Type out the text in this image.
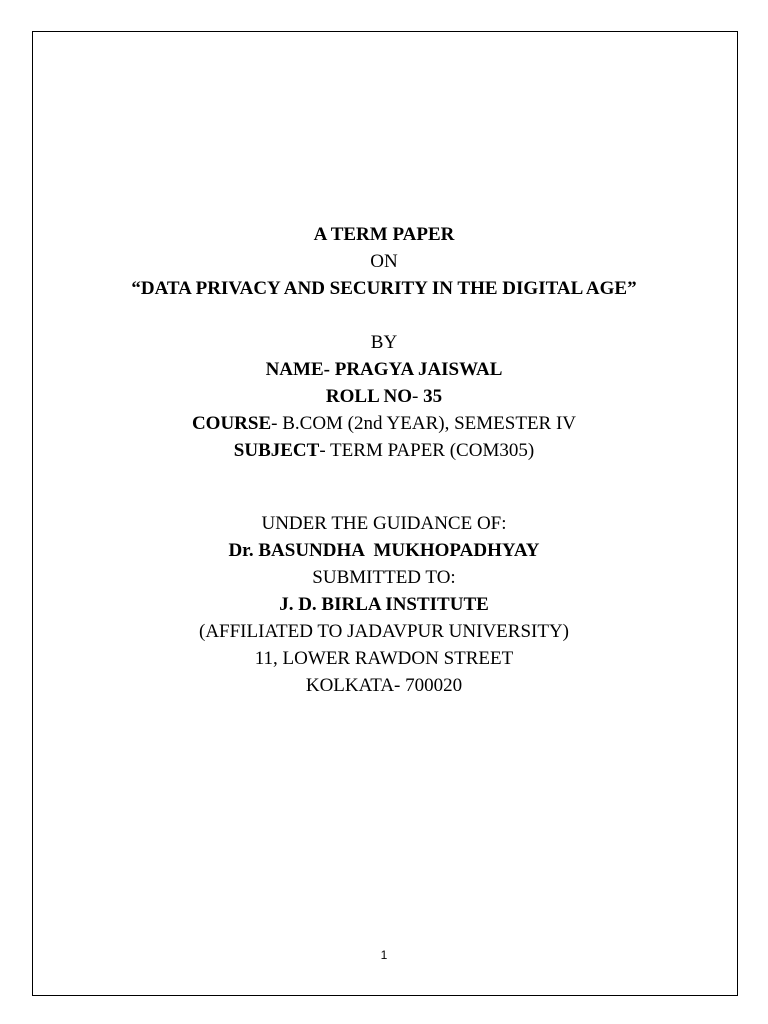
A TERM PAPER
ON
“DATA PRIVACY AND SECURITY IN THE DIGITAL AGE”
BY
NAME- PRAGYA JAISWAL
ROLL NO- 35
COURSE- B.COM (2nd YEAR), SEMESTER IV
SUBJECT- TERM PAPER (COM305)
UNDER THE GUIDANCE OF:
Dr. BASUNDHA  MUKHOPADHYAY
SUBMITTED TO:
J. D. BIRLA INSTITUTE
(AFFILIATED TO JADAVPUR UNIVERSITY)
11, LOWER RAWDON STREET
KOLKATA- 700020
1
